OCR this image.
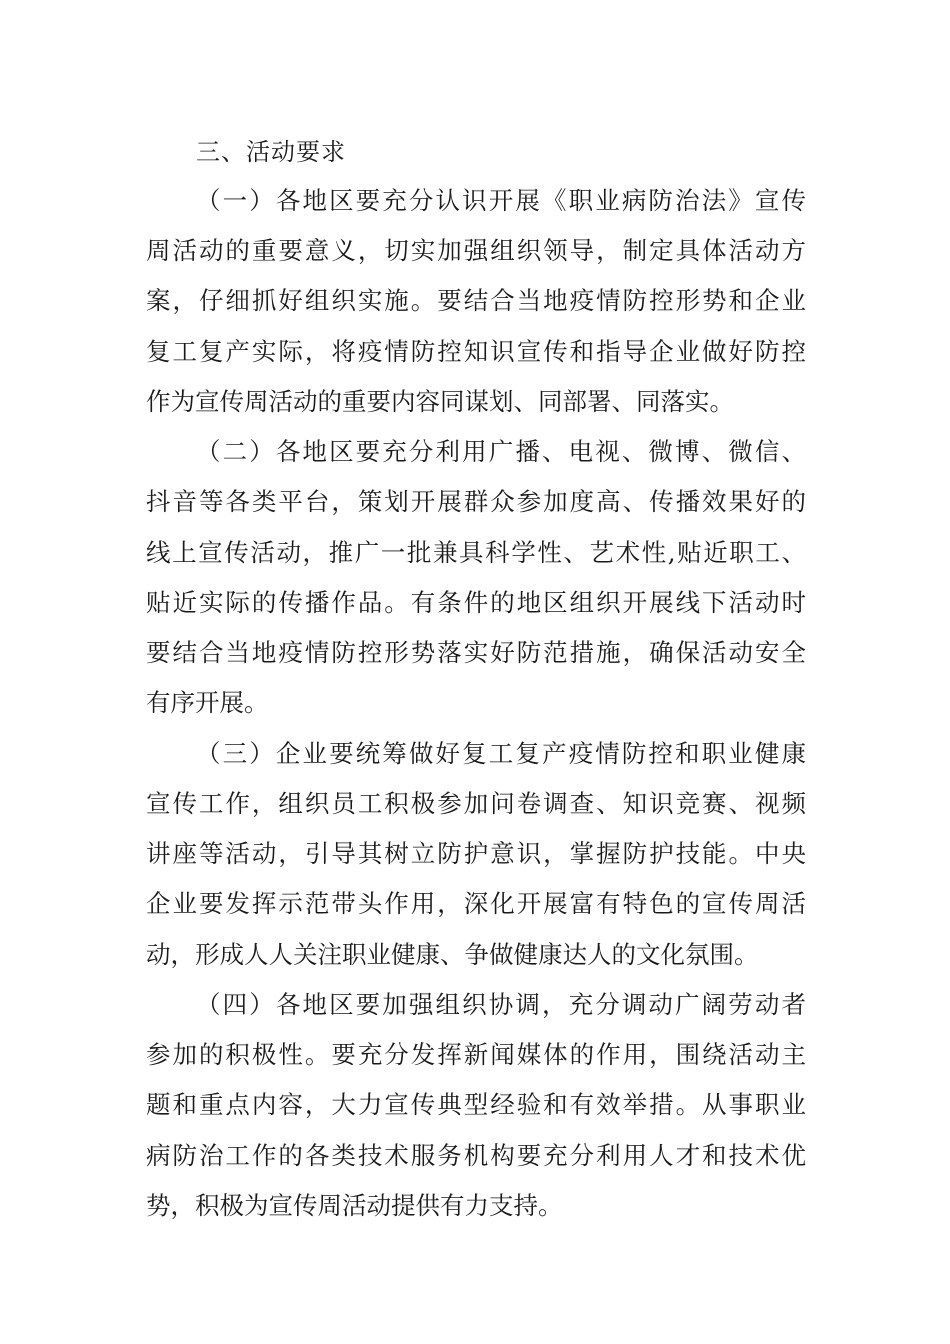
三、活动要求
（一）各地区要充分认识开展《职业病防治法》宣传
周活动的重要意义，切实加强组织领导，制定具体活动方
案，仔细抓好组织实施。要结合当地疫情防控形势和企业
复工复产实际，将疫情防控知识宣传和指导企业做好防控
作为宣传周活动的重要内容同谋划、同部署、同落实。
（二）各地区要充分利用广播、电视、微博、微信、
抖音等各类平台，策划开展群众参加度高、传播效果好的
线上宣传活动，推广一批兼具科学性、艺术性,贴近职工、
贴近实际的传播作品。有条件的地区组织开展线下活动时
要结合当地疫情防控形势落实好防范措施，确保活动安全
有序开展。
（三）企业要统筹做好复工复产疫情防控和职业健康
宣传工作，组织员工积极参加问卷调查、知识竞赛、视频
讲座等活动，引导其树立防护意识，掌握防护技能。中央
企业要发挥示范带头作用，深化开展富有特色的宣传周活
动，形成人人关注职业健康、争做健康达人的文化氛围。
（四）各地区要加强组织协调，充分调动广阔劳动者
参加的积极性。要充分发挥新闻媒体的作用，围绕活动主
题和重点内容，大力宣传典型经验和有效举措。从事职业
病防治工作的各类技术服务机构要充分利用人才和技术优
势，积极为宣传周活动提供有力支持。
